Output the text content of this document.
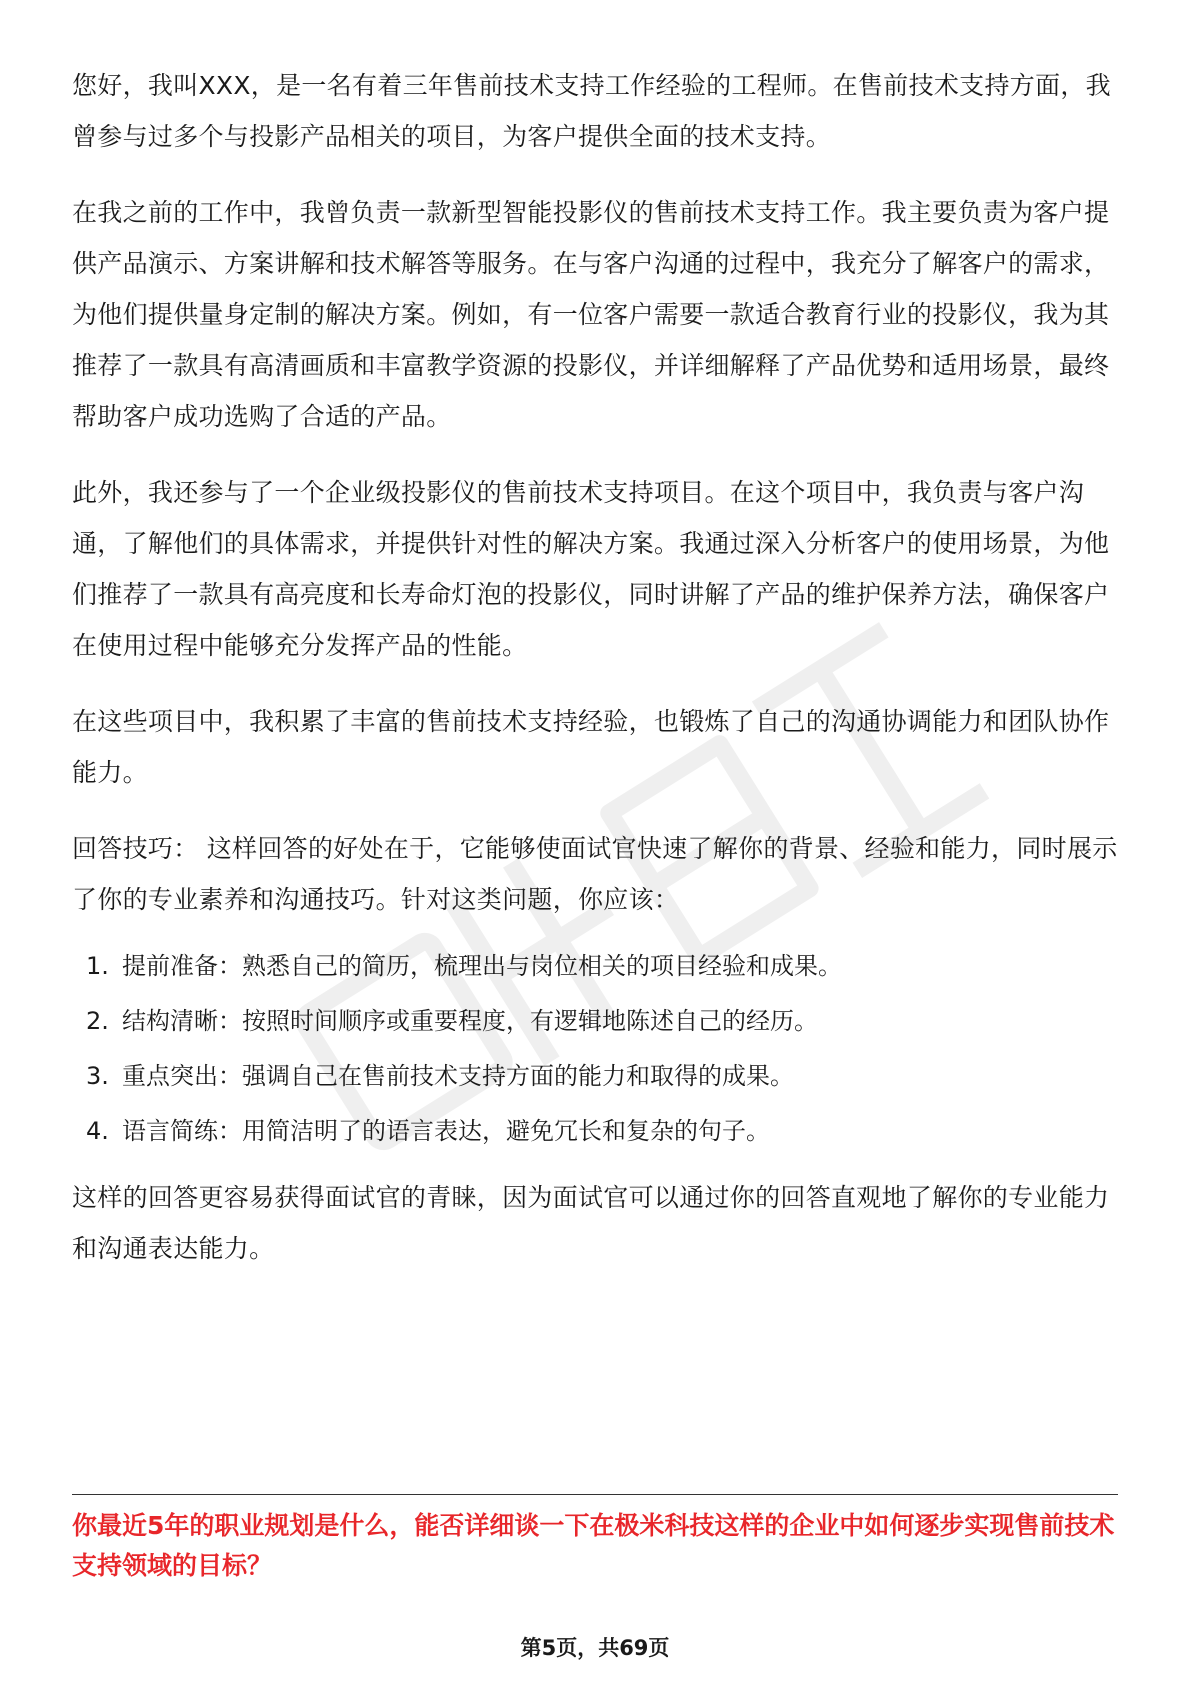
您好，我叫XXX，是一名有着三年售前技术支持工作经验的工程师。在售前技术支持方面，我曾参与过多个与投影产品相关的项目，为客户提供全面的技术支持。

在我之前的工作中，我曾负责一款新型智能投影仪的售前技术支持工作。我主要负责为客户提供产品演示、方案讲解和技术解答等服务。在与客户沟通的过程中，我充分了解客户的需求，为他们提供量身定制的解决方案。例如，有一位客户需要一款适合教育行业的投影仪，我为其推荐了一款具有高清画质和丰富教学资源的投影仪，并详细解释了产品优势和适用场景，最终帮助客户成功选购了合适的产品。

此外，我还参与了一个企业级投影仪的售前技术支持项目。在这个项目中，我负责与客户沟通，了解他们的具体需求，并提供针对性的解决方案。我通过深入分析客户的使用场景，为他们推荐了一款具有高亮度和长寿命灯泡的投影仪，同时讲解了产品的维护保养方法，确保客户在使用过程中能够充分发挥产品的性能。

在这些项目中，我积累了丰富的售前技术支持经验，也锻炼了自己的沟通协调能力和团队协作能力。

回答技巧： 这样回答的好处在于，它能够使面试官快速了解你的背景、经验和能力，同时展示了你的专业素养和沟通技巧。针对这类问题，你应该：

1. 提前准备：熟悉自己的简历，梳理出与岗位相关的项目经验和成果。
2. 结构清晰：按照时间顺序或重要程度，有逻辑地陈述自己的经历。
3. 重点突出：强调自己在售前技术支持方面的能力和取得的成果。
4. 语言简练：用简洁明了的语言表达，避免冗长和复杂的句子。

这样的回答更容易获得面试官的青睐，因为面试官可以通过你的回答直观地了解你的专业能力和沟通表达能力。

你最近5年的职业规划是什么，能否详细谈一下在极米科技这样的企业中如何逐步实现售前技术支持领域的目标？

第5页，共69页
